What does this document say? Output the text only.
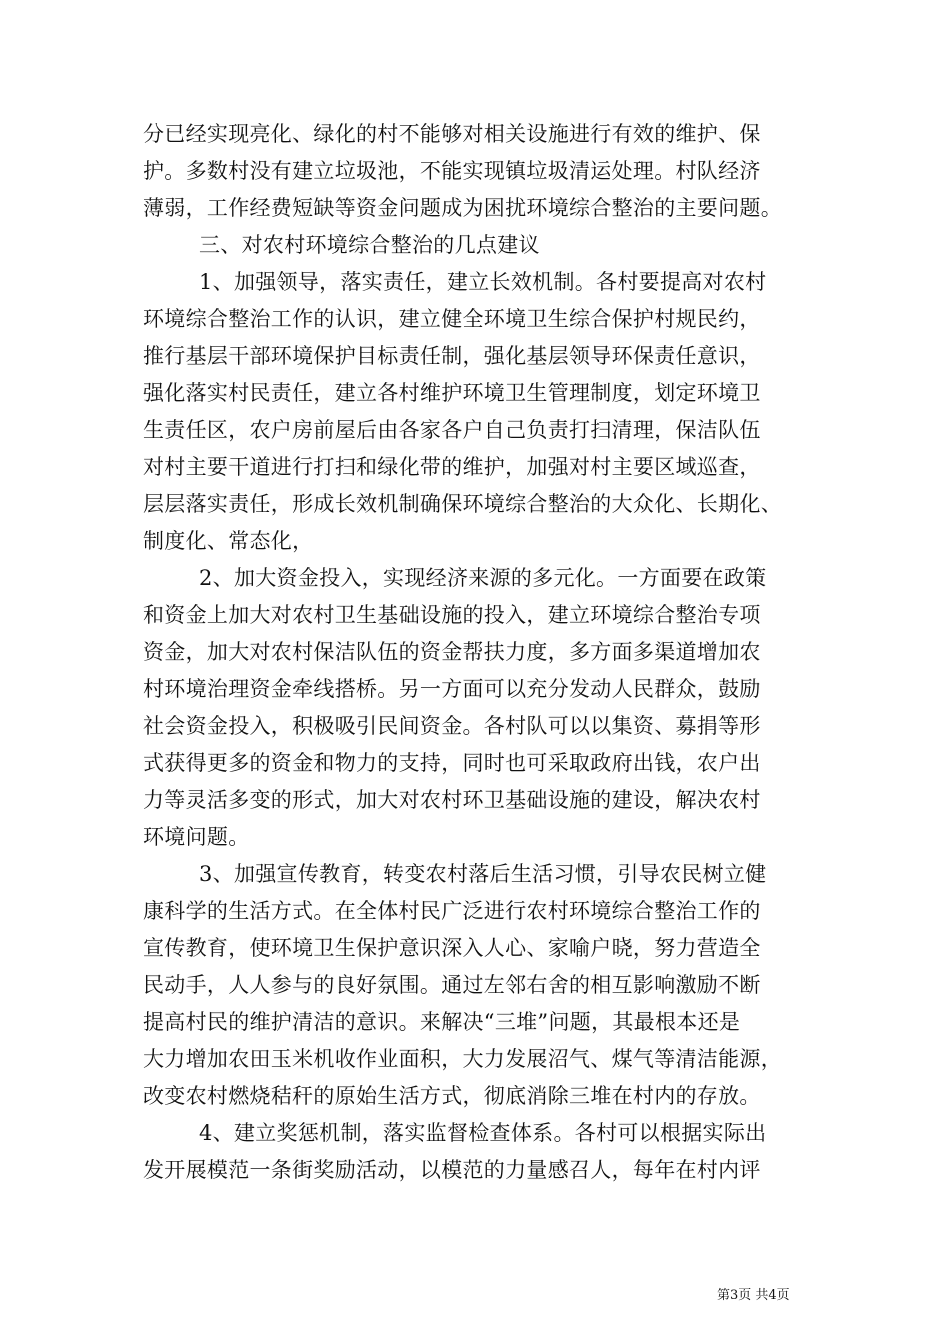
分已经实现亮化、绿化的村不能够对相关设施进行有效的维护、保
护。多数村没有建立垃圾池，不能实现镇垃圾清运处理。村队经济
薄弱，工作经费短缺等资金问题成为困扰环境综合整治的主要问题。
三、对农村环境综合整治的几点建议
1、加强领导，落实责任，建立长效机制。各村要提高对农村
环境综合整治工作的认识，建立健全环境卫生综合保护村规民约，
推行基层干部环境保护目标责任制，强化基层领导环保责任意识，
强化落实村民责任，建立各村维护环境卫生管理制度，划定环境卫
生责任区，农户房前屋后由各家各户自己负责打扫清理，保洁队伍
对村主要干道进行打扫和绿化带的维护，加强对村主要区域巡查，
层层落实责任，形成长效机制确保环境综合整治的大众化、长期化、
制度化、常态化，
2、加大资金投入，实现经济来源的多元化。一方面要在政策
和资金上加大对农村卫生基础设施的投入，建立环境综合整治专项
资金，加大对农村保洁队伍的资金帮扶力度，多方面多渠道增加农
村环境治理资金牵线搭桥。另一方面可以充分发动人民群众，鼓励
社会资金投入，积极吸引民间资金。各村队可以以集资、募捐等形
式获得更多的资金和物力的支持，同时也可采取政府出钱，农户出
力等灵活多变的形式，加大对农村环卫基础设施的建设，解决农村
环境问题。
3、加强宣传教育，转变农村落后生活习惯，引导农民树立健
康科学的生活方式。在全体村民广泛进行农村环境综合整治工作的
宣传教育，使环境卫生保护意识深入人心、家喻户晓，努力营造全
民动手，人人参与的良好氛围。通过左邻右舍的相互影响激励不断
提高村民的维护清洁的意识。来解决“三堆”问题，其最根本还是
大力增加农田玉米机收作业面积，大力发展沼气、煤气等清洁能源，
改变农村燃烧秸秆的原始生活方式，彻底消除三堆在村内的存放。
4、建立奖惩机制，落实监督检查体系。各村可以根据实际出
发开展模范一条街奖励活动，以模范的力量感召人，每年在村内评
第3页 共4页
